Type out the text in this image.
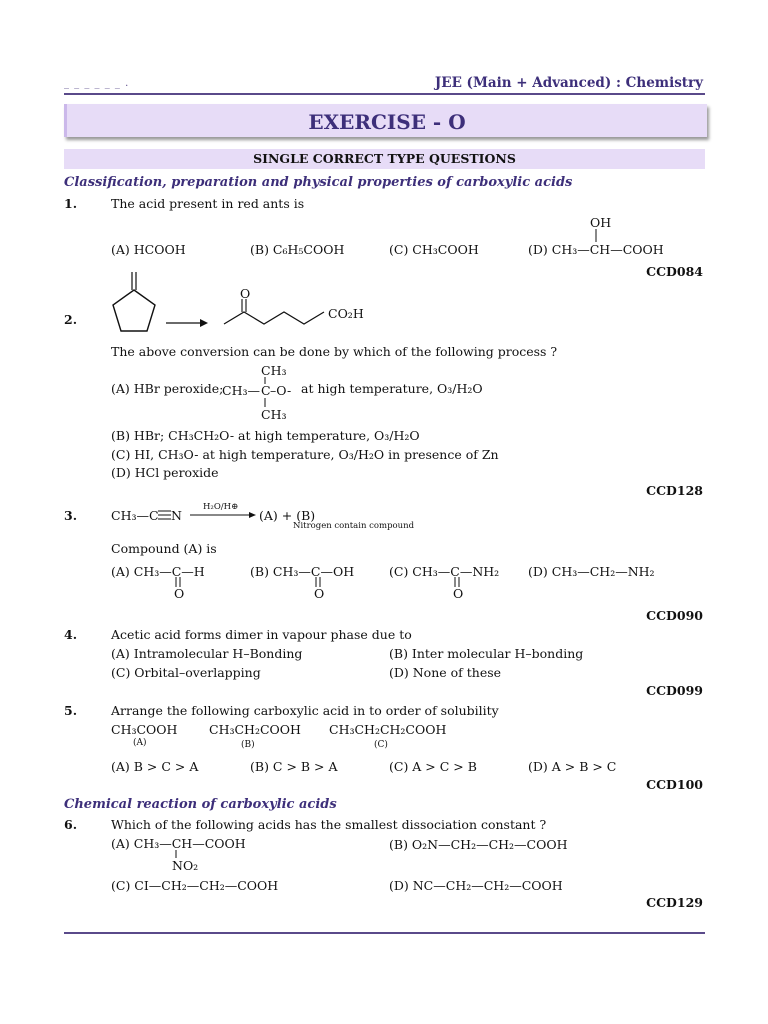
_ _ _ _ _ _ .	JEE (Main + Advanced) : Chemistry
EXERCISE - O
SINGLE CORRECT TYPE QUESTIONS
Classification, preparation and physical properties of carboxylic acids
1.	The acid present in red ants is
OH
(A) HCOOH	(B) C₆H₅COOH	(C) CH₃COOH	(D) CH₃—CH—COOH
CCD084
2.
O
CO₂H
The above conversion can be done by which of the following process ?
(A) HBr peroxide;
CH₃— C –O-
CH₃
CH₃
at high temperature, O₃/H₂O
(B) HBr; CH₃CH₂O- at high temperature, O₃/H₂O
(C) HI, CH₃O- at high temperature, O₃/H₂O in presence of Zn
(D) HCl peroxide
CCD128
3.	CH₃—C N
H₂O/H⊕
(A) + (B)
Nitrogen contain compound
Compound (A) is
(A) CH₃—C—H	(B) CH₃—C—OH	(C) CH₃—C—NH₂ (D) CH₃—CH₂—NH₂
O	O	O
CCD090
4.	Acetic acid forms dimer in vapour phase due to
(A) Intramolecular H–Bonding	(B) Inter molecular H–bonding
(C) Orbital–overlapping	(D) None of these
CCD099
5.	Arrange the following carboxylic acid in to order of solubility
CH₃COOH	CH₃CH₂COOH CH₃CH₂CH₂COOH
(A)	(B)	(C)
(A) B > C > A	(B) C > B > A	(C) A > C > B	(D) A > B > C
CCD100
Chemical reaction of carboxylic acids
6.	Which of the following acids has the smallest dissociation constant ?
(A) CH₃—CH—COOH
NO₂
(B) O₂N—CH₂—CH₂—COOH
(C) CI—CH₂—CH₂—COOH	(D) NC—CH₂—CH₂—COOH
CCD129
